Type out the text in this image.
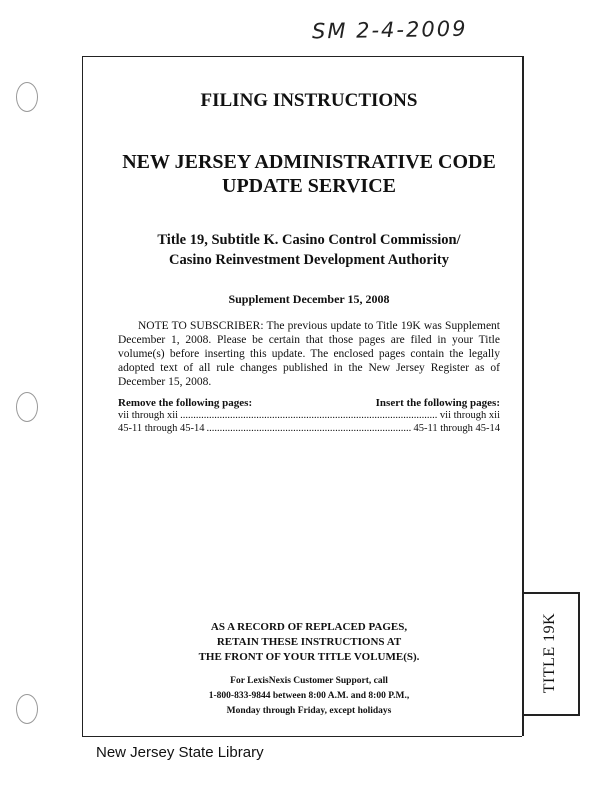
SM 2-4-2009
TITLE 19K
FILING INSTRUCTIONS
NEW JERSEY ADMINISTRATIVE CODE
UPDATE SERVICE
Title 19, Subtitle K. Casino Control Commission/
Casino Reinvestment Development Authority
Supplement December 15, 2008

NOTE TO SUBSCRIBER: The previous update to Title 19K was Supplement December 1, 2008. Please be certain that those pages are filed in your Title volume(s) before inserting this update. The enclosed pages contain the legally adopted text of all rule changes published in the New Jersey Register as of December 15, 2008.

Remove the following pages:	Insert the following pages:

vii through xii .....	vii through xii

45-11 through 45-14 .....	45-11 through 45-14
AS A RECORD OF REPLACED PAGES,
RETAIN THESE INSTRUCTIONS AT
THE FRONT OF YOUR TITLE VOLUME(S).
For LexisNexis Customer Support, call
1-800-833-9844 between 8:00 A.M. and 8:00 P.M.,
Monday through Friday, except holidays
New Jersey State Library
